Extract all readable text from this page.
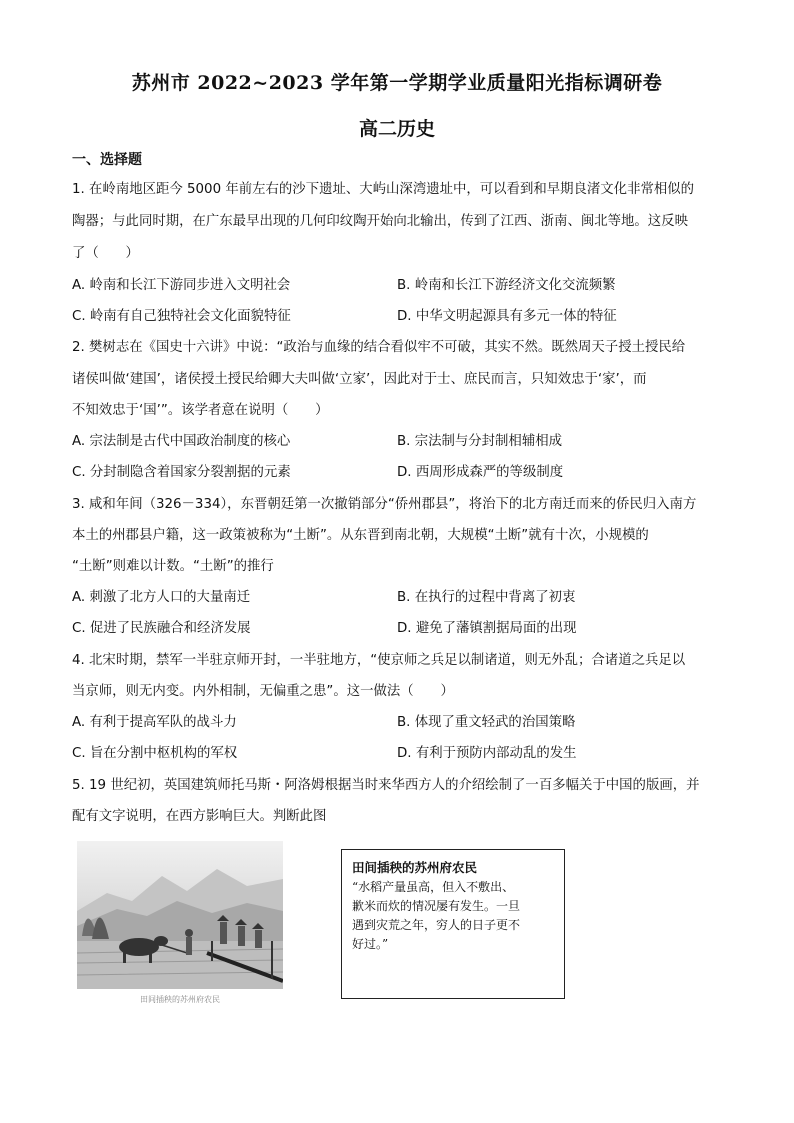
苏州市 2022~2023 学年第一学期学业质量阳光指标调研卷
高二历史
一、选择题
1. 在岭南地区距今 5000 年前左右的沙下遗址、大屿山深湾遗址中，可以看到和早期良渚文化非常相似的
陶器；与此同时期，在广东最早出现的几何印纹陶开始向北输出，传到了江西、浙南、闽北等地。这反映
了（　　）
A. 岭南和长江下游同步进入文明社会	B. 岭南和长江下游经济文化交流频繁
C. 岭南有自己独特社会文化面貌特征	D. 中华文明起源具有多元一体的特征
2. 樊树志在《国史十六讲》中说：“政治与血缘的结合看似牢不可破，其实不然。既然周天子授土授民给
诸侯叫做‘建国’，诸侯授土授民给卿大夫叫做‘立家’，因此对于士、庶民而言，只知效忠于‘家’，而
不知效忠于‘国’”。该学者意在说明（　　）
A. 宗法制是古代中国政治制度的核心	B. 宗法制与分封制相辅相成
C. 分封制隐含着国家分裂割据的元素	D. 西周形成森严的等级制度
3. 咸和年间（326－334），东晋朝廷第一次撤销部分“侨州郡县”，将治下的北方南迁而来的侨民归入南方
本土的州郡县户籍，这一政策被称为“土断”。从东晋到南北朝，大规模“土断”就有十次，小规模的
“土断”则难以计数。“土断”的推行
A. 刺激了北方人口的大量南迁	B. 在执行的过程中背离了初衷
C. 促进了民族融合和经济发展	D. 避免了藩镇割据局面的出现
4. 北宋时期，禁军一半驻京师开封，一半驻地方，“使京师之兵足以制诸道，则无外乱；合诸道之兵足以
当京师，则无内变。内外相制，无偏重之患”。这一做法（　　）
A. 有利于提高军队的战斗力	B. 体现了重文轻武的治国策略
C. 旨在分割中枢机构的军权	D. 有利于预防内部动乱的发生
5. 19 世纪初，英国建筑师托马斯・阿洛姆根据当时来华西方人的介绍绘制了一百多幅关于中国的版画，并
配有文字说明，在西方影响巨大。判断此图
田间插秧的苏州府农民
田间插秧的苏州府农民
“水稻产量虽高，但入不敷出、
歉米而炊的情况屡有发生。一旦
遇到灾荒之年，穷人的日子更不
好过。”
